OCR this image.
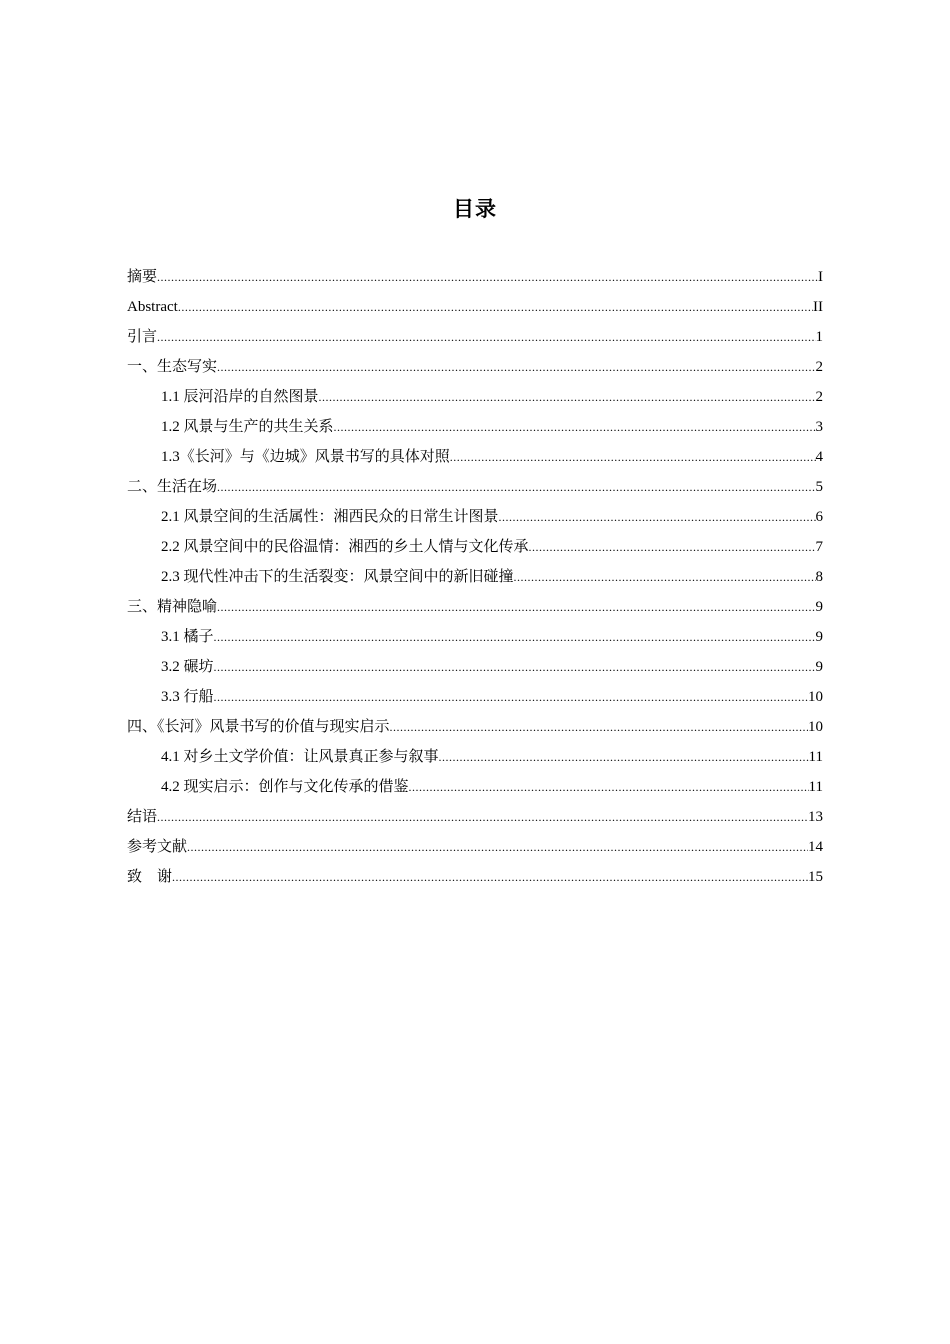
目录
摘要 .....	I
Abstract .....	II
引言 .....	1
一、生态写实 .....	2
1.1 辰河沿岸的自然图景 .....	2
1.2 风景与生产的共生关系 .....	3
1.3《长河》与《边城》风景书写的具体对照 .....	4
二、生活在场 .....	5
2.1 风景空间的生活属性：湘西民众的日常生计图景 .....	6
2.2 风景空间中的民俗温情：湘西的乡土人情与文化传承 .....	7
2.3 现代性冲击下的生活裂变：风景空间中的新旧碰撞 .....	8
三、精神隐喻 .....	9
3.1 橘子 .....	9
3.2 碾坊 .....	9
3.3 行船 .....	10
四、《长河》风景书写的价值与现实启示 .....	10
4.1 对乡土文学价值：让风景真正参与叙事 .....	11
4.2 现实启示：创作与文化传承的借鉴 .....	11
结语 .....	13
参考文献 .....	14
致　谢 .....	15
